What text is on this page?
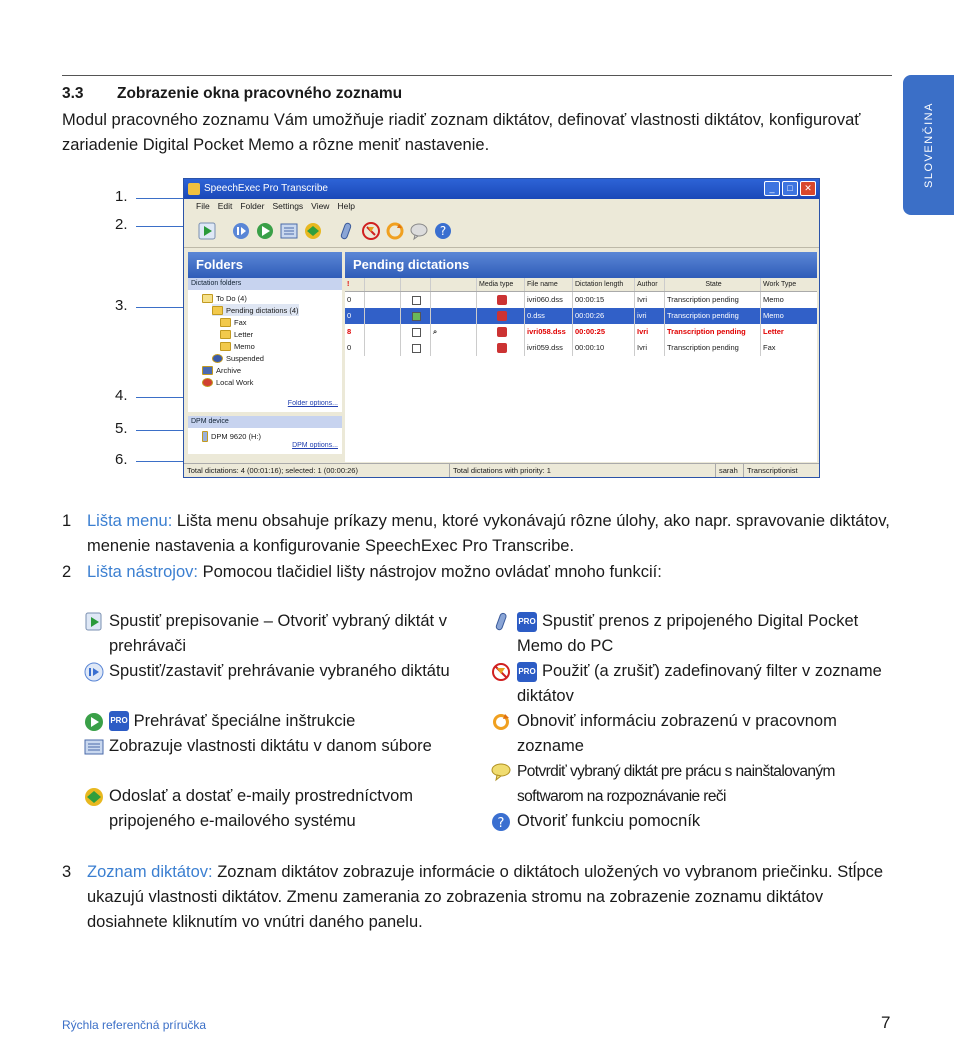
SLOVENČINA
3.3 Zobrazenie okna pracovného zoznamu
Modul pracovného zoznamu Vám umožňuje riadiť zoznam diktátov, definovať vlastnosti diktátov, konfigurovať zariadenie Digital Pocket Memo a rôzne meniť nastavenie.
1.
2.
3.
4.
5.
6.
SpeechExec Pro Transcribe	_	□	✕
File Edit Folder Settings View Help
?
Folders
Dictation folders
To Do (4)
Pending dictations (4)
Fax
Letter
Memo
Suspended
Archive
Local Work
Folder options...
DPM device
DPM 9620 (H:)
DPM options...
Pending dictations
!	Media type	File name	Dictation length	Author	State	Work Type
0	ivri060.dss	00:00:15	Ivri	Transcription pending	Memo
0	0.dss	00:00:26	ivri	Transcription pending	Memo
8	⌕	ivri058.dss	00:00:25	Ivri	Transcription pending	Letter
0	ivri059.dss	00:00:10	Ivri	Transcription pending	Fax
Total dictations: 4 (00:01:16); selected: 1 (00:00:26)	Total dictations with priority: 1	sarah	Transcriptionist
1 Lišta menu: Lišta menu obsahuje príkazy menu, ktoré vykonávajú rôzne úlohy, ako napr. spravovanie diktátov, menenie nastavenia a konfigurovanie SpeechExec Pro Transcribe.
2 Lišta nástrojov: Pomocou tlačidiel lišty nástrojov možno ovládať mnoho funkcií:
Spustiť prepisovanie – Otvoriť vybraný diktát v prehrávači
Spustiť/zastaviť prehrávanie vybraného diktátu
PRO Prehrávať špeciálne inštrukcie
Zobrazuje vlastnosti diktátu v danom súbore
Odoslať a dostať e-maily prostredníctvom pripojeného e-mailového systému
PRO Spustiť prenos z pripojeného Digital Pocket Memo do PC
PRO Použiť (a zrušiť) zadefinovaný filter v zozname diktátov
Obnoviť informáciu zobrazenú v pracovnom zozname
Potvrdiť vybraný diktát pre prácu s nainštalovaným softwarom na rozpoznávanie reči
? Otvoriť funkciu pomocník
3 Zoznam diktátov: Zoznam diktátov zobrazuje informácie o diktátoch uložených vo vybranom priečinku. Stĺpce ukazujú vlastnosti diktátov. Zmenu zamerania zo zobrazenia stromu na zobrazenie zoznamu diktátov dosiahnete kliknutím vo vnútri daného panelu.
Rýchla referenčná príručka	7
